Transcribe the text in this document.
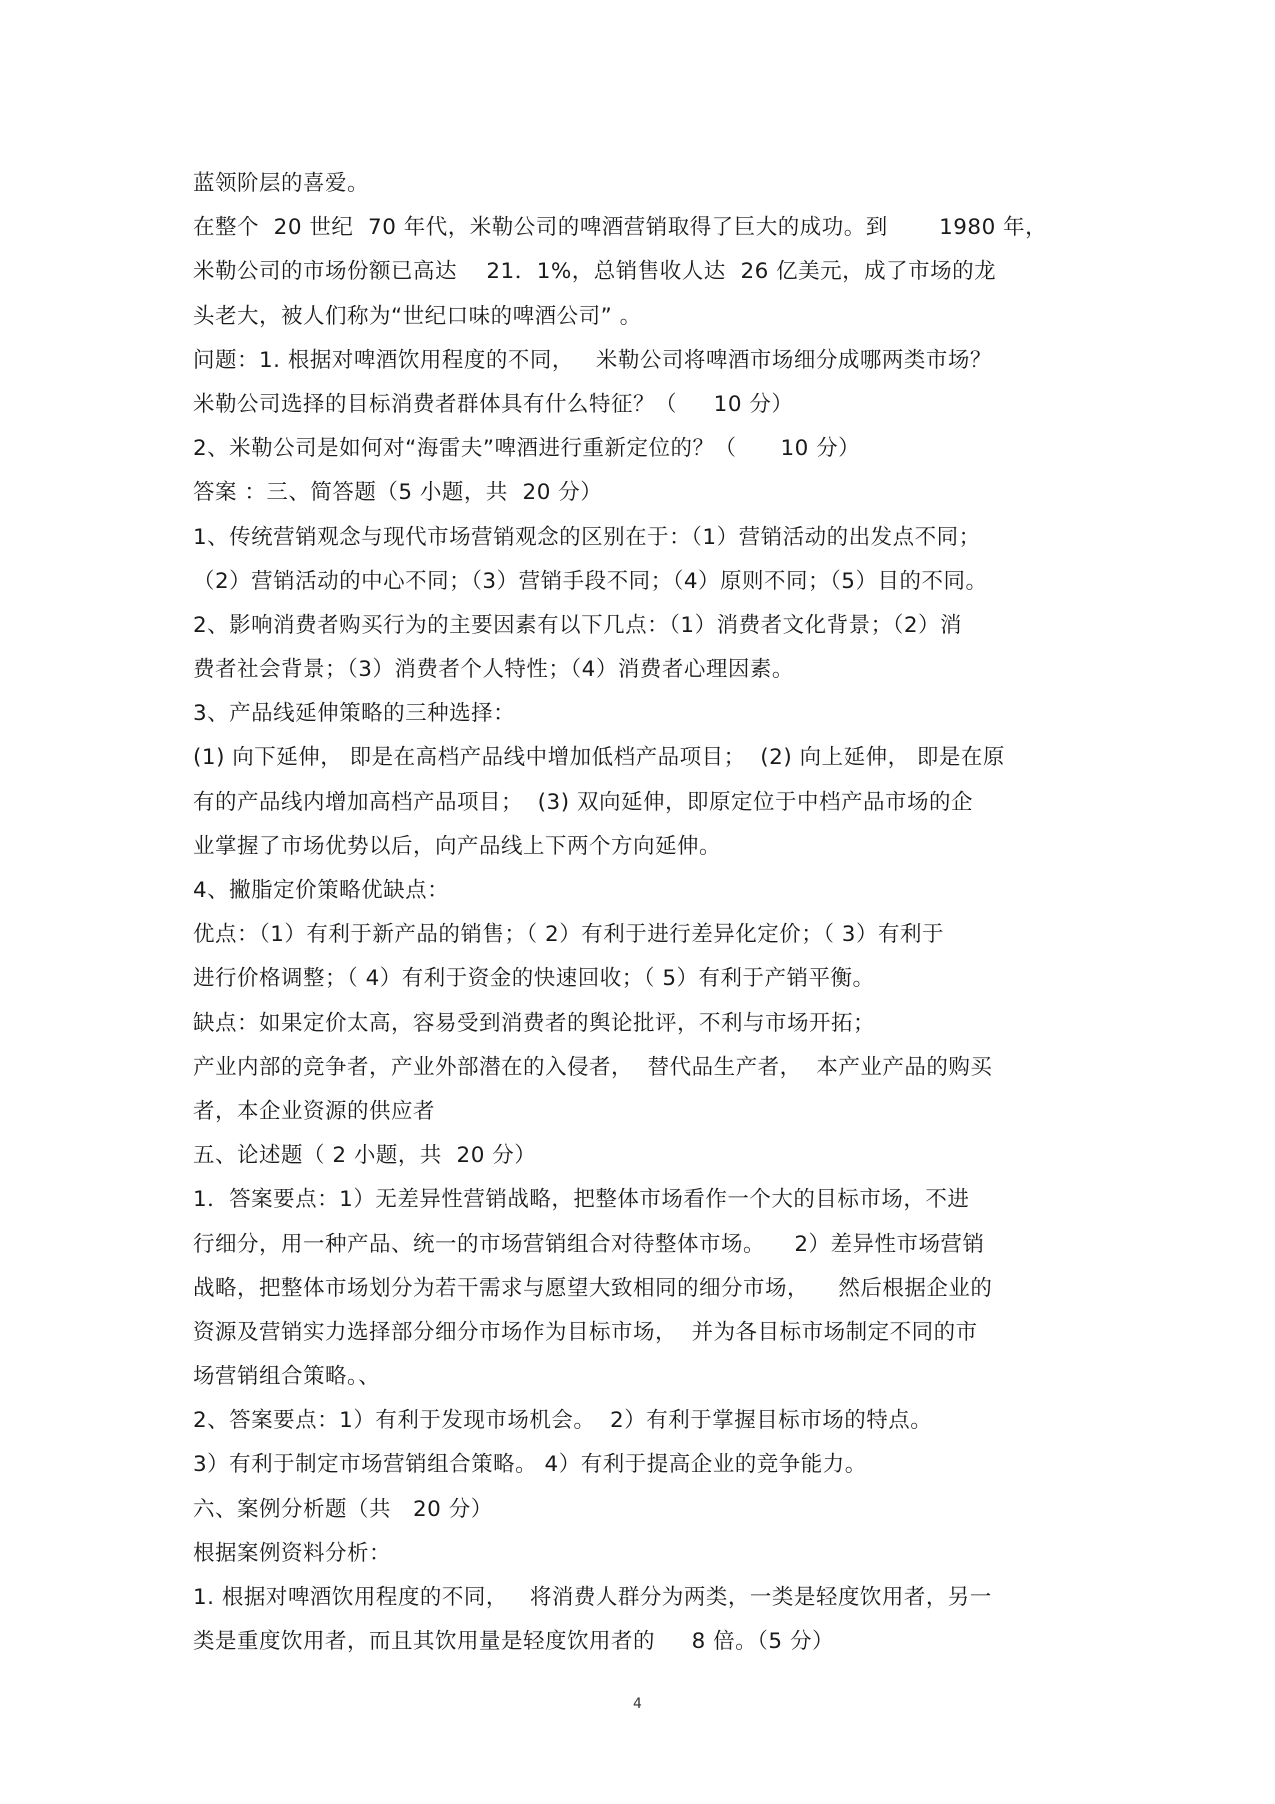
蓝领阶层的喜爱。
在整个  20 世纪  70 年代，米勒公司的啤酒营销取得了巨大的成功。到       1980 年，
米勒公司的市场份额已高达    21．1%，总销售收人达  26 亿美元，成了市场的龙
头老大，被人们称为“世纪口味的啤酒公司” 。
问题：1. 根据对啤酒饮用程度的不同，   米勒公司将啤酒市场细分成哪两类市场？
米勒公司选择的目标消费者群体具有什么特征？（     10 分）
2、米勒公司是如何对“海雷夫”啤酒进行重新定位的？（      10 分）
答案 ：三、简答题（5 小题，共  20 分）
1、传统营销观念与现代市场营销观念的区别在于：（1）营销活动的出发点不同；
（2）营销活动的中心不同；（3）营销手段不同；（4）原则不同；（5）目的不同。
2、影响消费者购买行为的主要因素有以下几点：（1）消费者文化背景；（2）消
费者社会背景；（3）消费者个人特性；（4）消费者心理因素。
3、产品线延伸策略的三种选择：
(1) 向下延伸， 即是在高档产品线中增加低档产品项目；  (2) 向上延伸， 即是在原
有的产品线内增加高档产品项目；  (3) 双向延伸，即原定位于中档产品市场的企
业掌握了市场优势以后，向产品线上下两个方向延伸。
4、撇脂定价策略优缺点：
优点：（1）有利于新产品的销售；（ 2）有利于进行差异化定价；（ 3）有利于
进行价格调整；（ 4）有利于资金的快速回收；（ 5）有利于产销平衡。
缺点：如果定价太高，容易受到消费者的舆论批评，不利与市场开拓；
产业内部的竞争者，产业外部潜在的入侵者，  替代品生产者，  本产业产品的购买
者，本企业资源的供应者
五、论述题（ 2 小题，共  20 分）
1．答案要点：1）无差异性营销战略，把整体市场看作一个大的目标市场，不进
行细分，用一种产品、统一的市场营销组合对待整体市场。    2）差异性市场营销
战略，把整体市场划分为若干需求与愿望大致相同的细分市场，    然后根据企业的
资源及营销实力选择部分细分市场作为目标市场，  并为各目标市场制定不同的市
场营销组合策略。、
2、答案要点：1）有利于发现市场机会。  2）有利于掌握目标市场的特点。
3）有利于制定市场营销组合策略。 4）有利于提高企业的竞争能力。
六、案例分析题（共   20 分）
根据案例资料分析：
1. 根据对啤酒饮用程度的不同，   将消费人群分为两类，一类是轻度饮用者，另一
类是重度饮用者，而且其饮用量是轻度饮用者的     8 倍。（5 分）
4
